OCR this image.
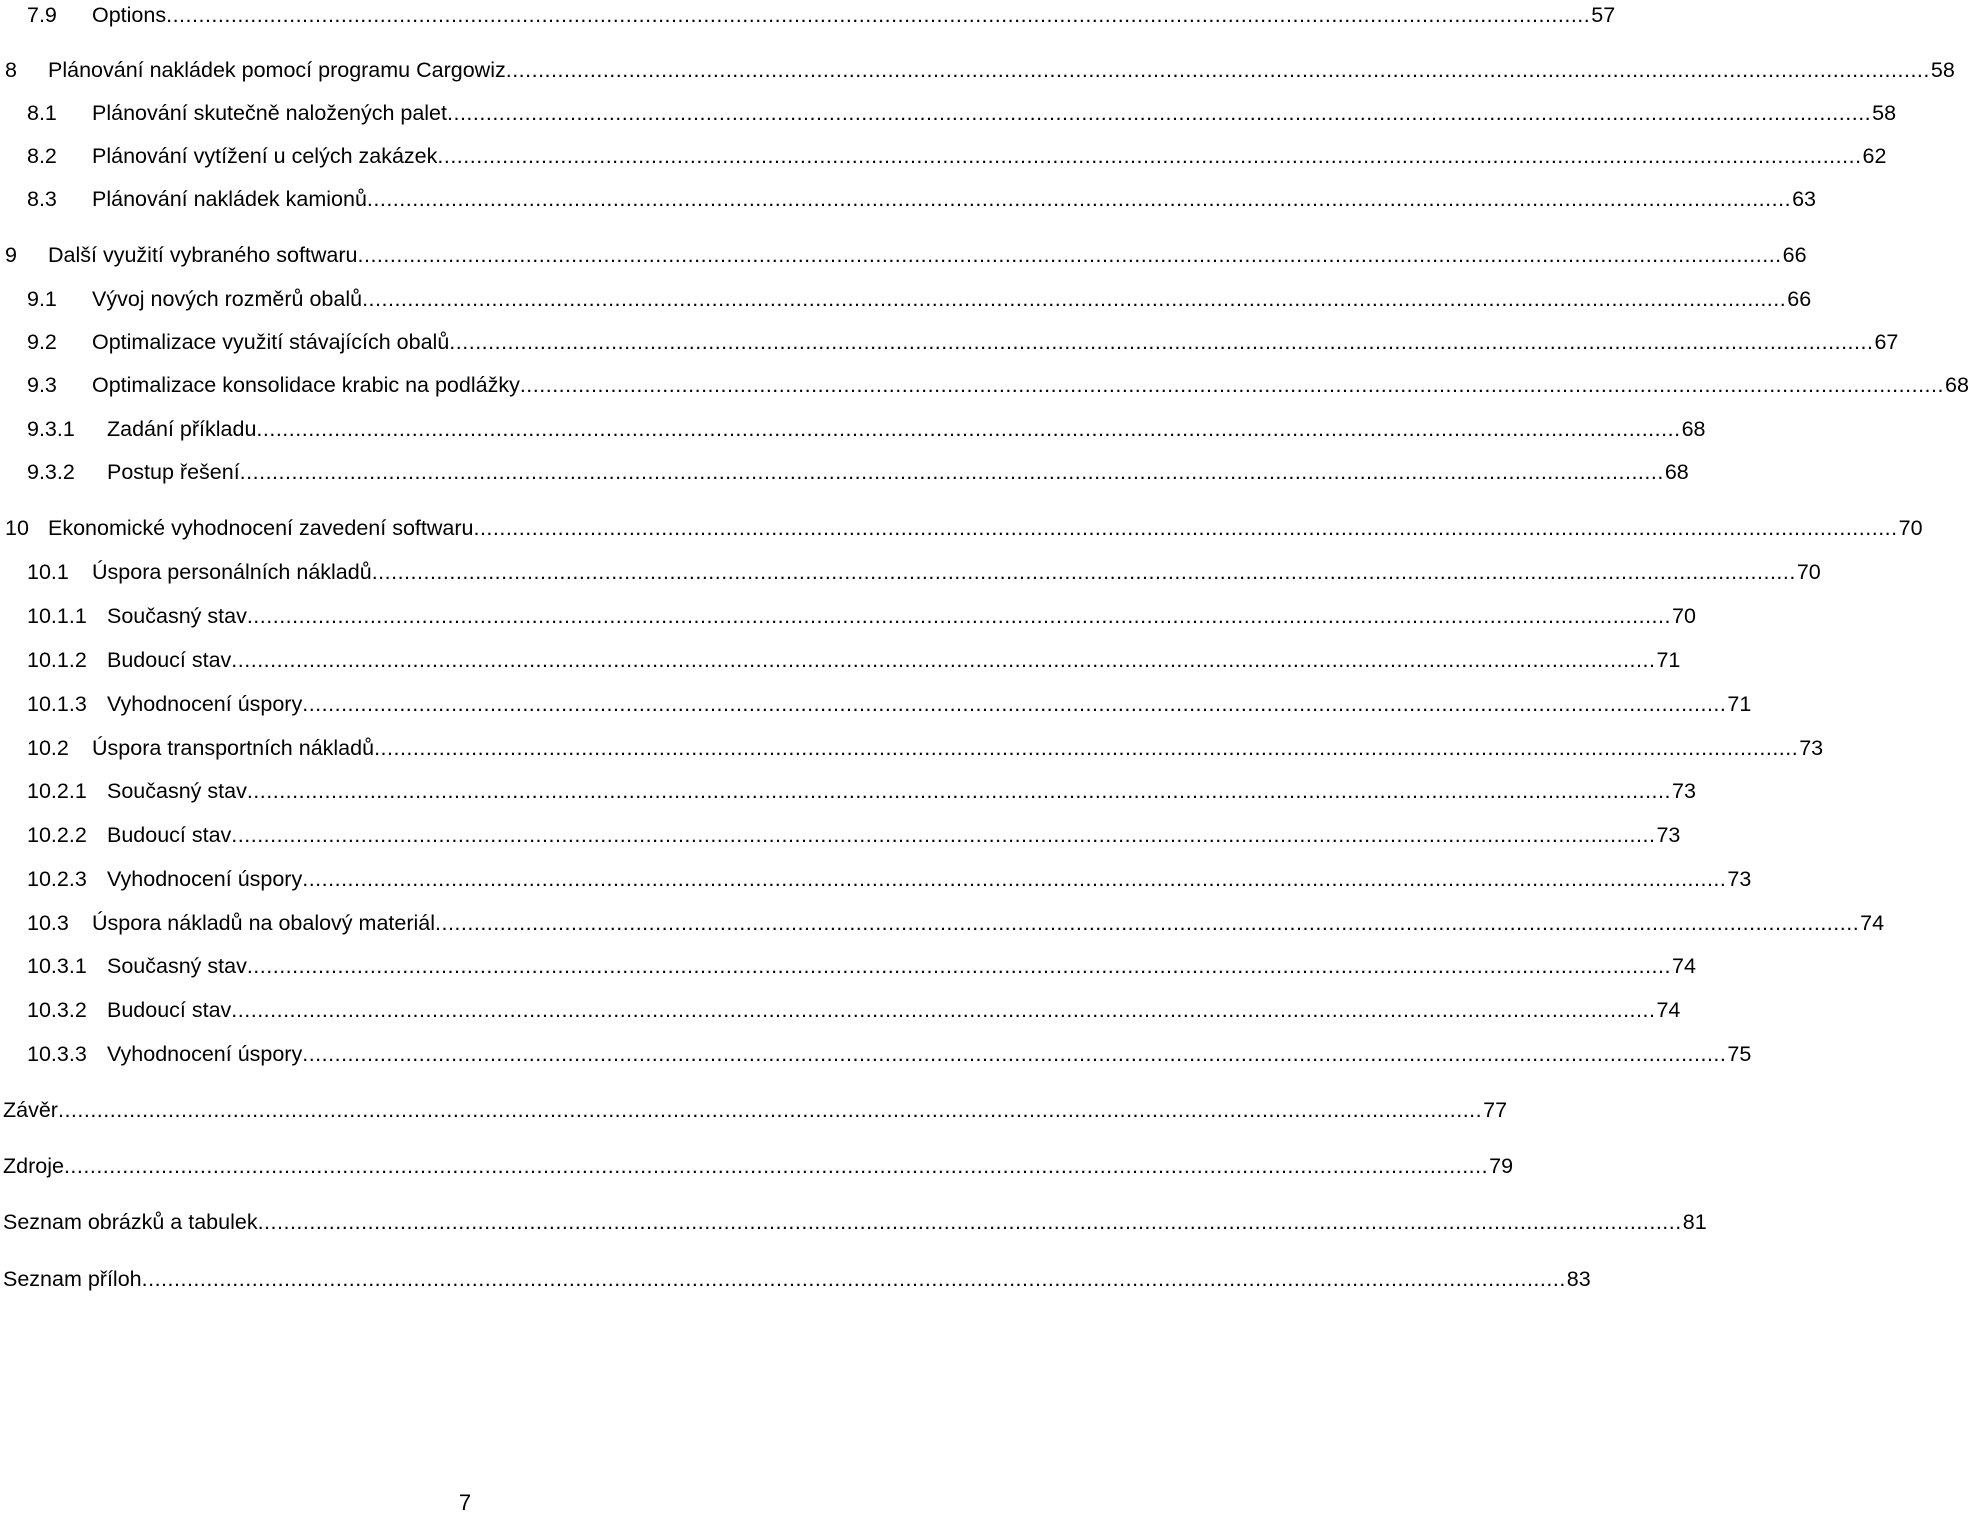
7.9 Options ............................................................................................................................................................................................................................ 57
8 Plánování nakládek pomocí programu Cargowiz ............................................................................................................................................................................................................................ 58
8.1 Plánování skutečně naložených palet ............................................................................................................................................................................................................................ 58
8.2 Plánování vytížení u celých zakázek ............................................................................................................................................................................................................................ 62
8.3 Plánování nakládek kamionů ............................................................................................................................................................................................................................ 63
9 Další využití vybraného softwaru ............................................................................................................................................................................................................................ 66
9.1 Vývoj nových rozměrů obalů ............................................................................................................................................................................................................................ 66
9.2 Optimalizace využití stávajících obalů ............................................................................................................................................................................................................................ 67
9.3 Optimalizace konsolidace krabic na podlážky ............................................................................................................................................................................................................................ 68
9.3.1 Zadání příkladu ............................................................................................................................................................................................................................ 68
9.3.2 Postup řešení ............................................................................................................................................................................................................................ 68
10 Ekonomické vyhodnocení zavedení softwaru ............................................................................................................................................................................................................................ 70
10.1 Úspora personálních nákladů ............................................................................................................................................................................................................................ 70
10.1.1 Současný stav ............................................................................................................................................................................................................................ 70
10.1.2 Budoucí stav ............................................................................................................................................................................................................................ 71
10.1.3 Vyhodnocení úspory ............................................................................................................................................................................................................................ 71
10.2 Úspora transportních nákladů ............................................................................................................................................................................................................................ 73
10.2.1 Současný stav ............................................................................................................................................................................................................................ 73
10.2.2 Budoucí stav ............................................................................................................................................................................................................................ 73
10.2.3 Vyhodnocení úspory ............................................................................................................................................................................................................................ 73
10.3 Úspora nákladů na obalový materiál ............................................................................................................................................................................................................................ 74
10.3.1 Současný stav ............................................................................................................................................................................................................................ 74
10.3.2 Budoucí stav ............................................................................................................................................................................................................................ 74
10.3.3 Vyhodnocení úspory ............................................................................................................................................................................................................................ 75
Závěr ............................................................................................................................................................................................................................ 77
Zdroje ............................................................................................................................................................................................................................ 79
Seznam obrázků a tabulek ............................................................................................................................................................................................................................ 81
Seznam příloh ............................................................................................................................................................................................................................ 83
7
